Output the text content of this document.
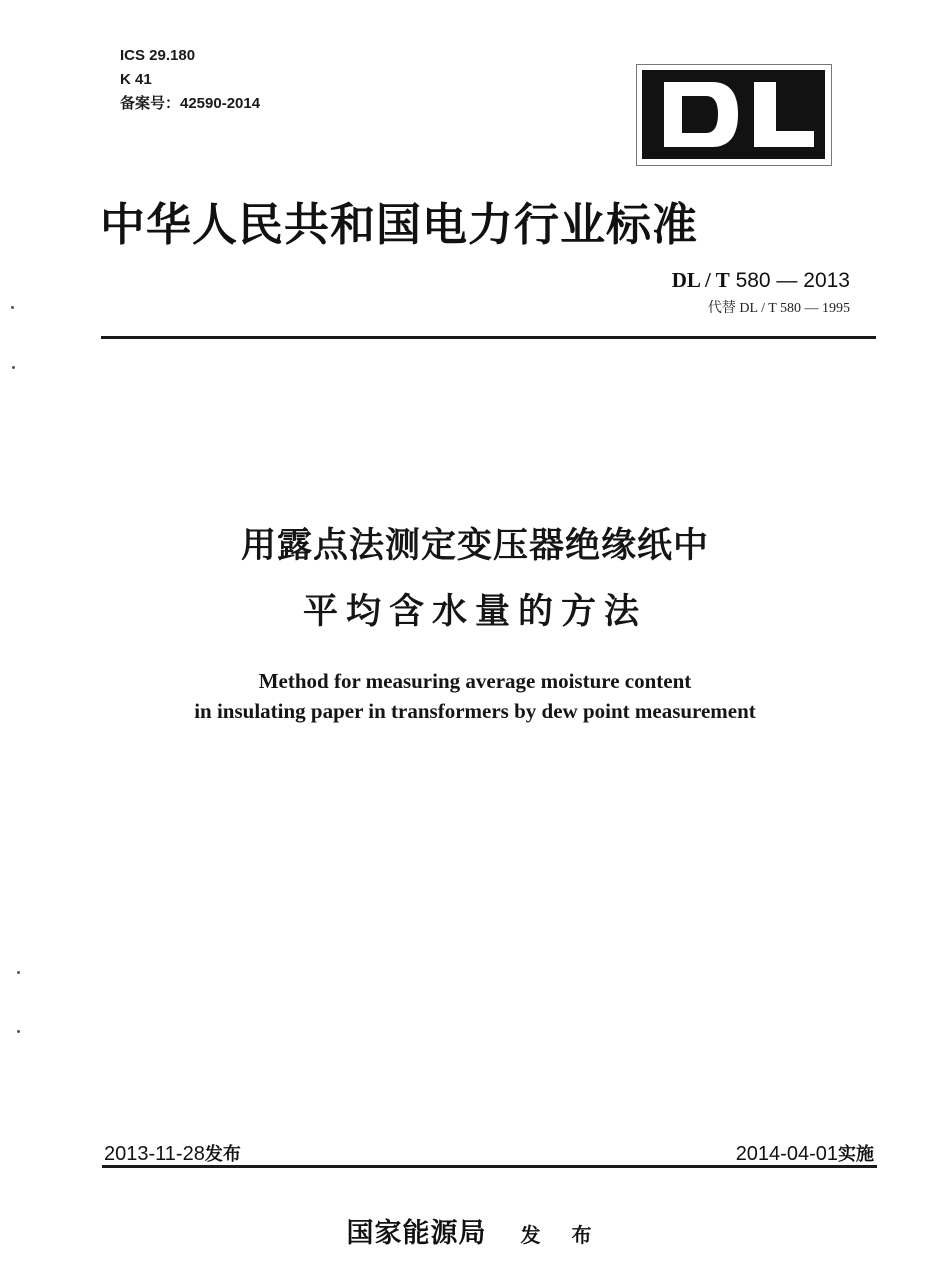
ICS 29.180
K 41
备案号：42590-2014
中华人民共和国电力行业标准
DL / T 580 — 2013
代替 DL / T 580 — 1995
用露点法测定变压器绝缘纸中
平均含水量的方法
Method for measuring average moisture content
in insulating paper in transformers by dew point measurement
2013-11-28发布	2014-04-01实施
国家能源局 发 布
